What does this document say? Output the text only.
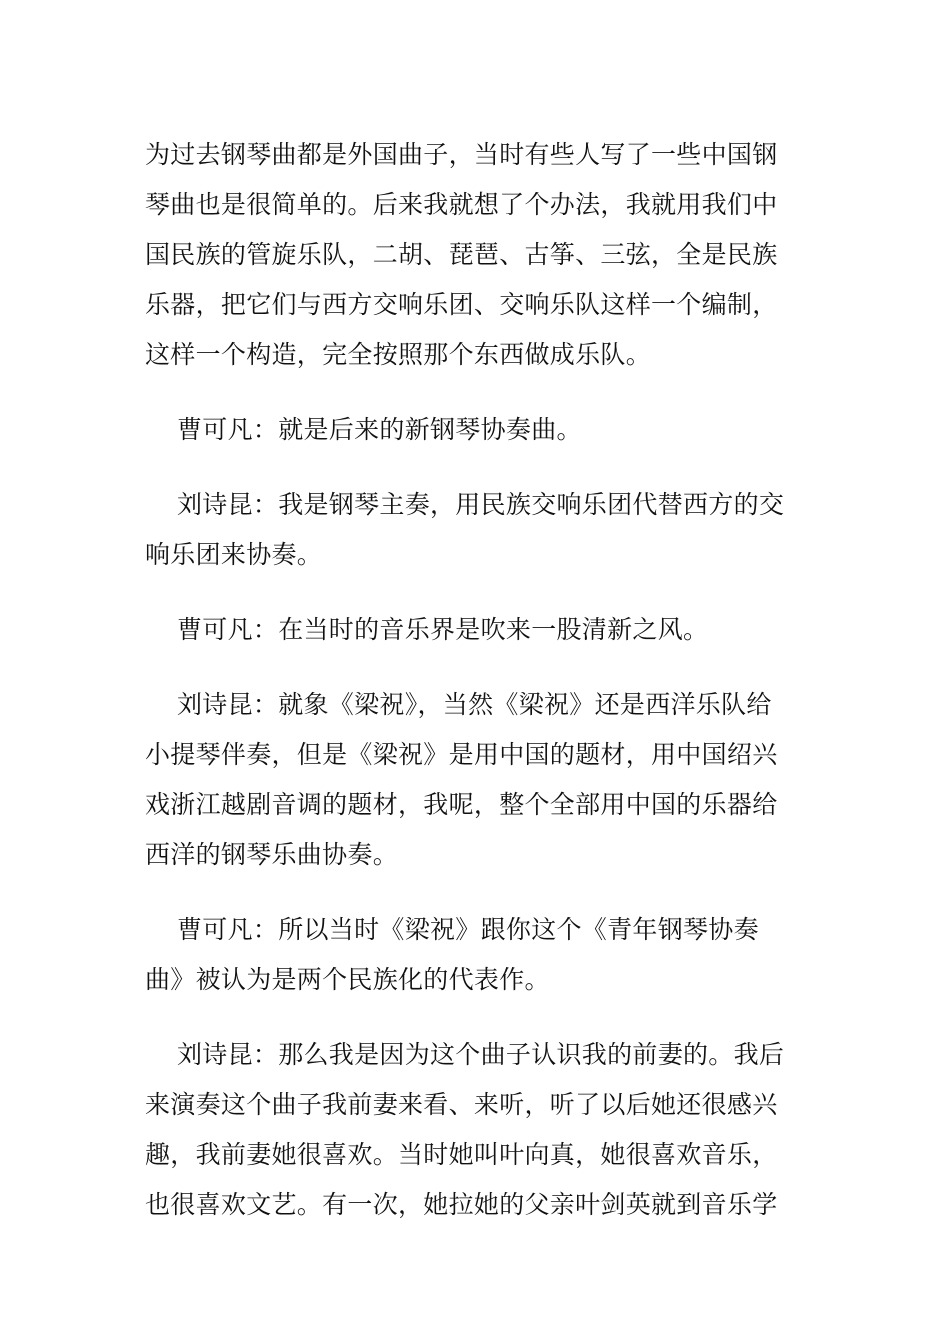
为过去钢琴曲都是外国曲子，当时有些人写了一些中国钢琴曲也是很简单的。后来我就想了个办法，我就用我们中国民族的管旋乐队，二胡、琵琶、古筝、三弦，全是民族乐器，把它们与西方交响乐团、交响乐队这样一个编制，这样一个构造，完全按照那个东西做成乐队。

曹可凡：就是后来的新钢琴协奏曲。

刘诗昆：我是钢琴主奏，用民族交响乐团代替西方的交响乐团来协奏。

曹可凡：在当时的音乐界是吹来一股清新之风。

刘诗昆：就象《梁祝》，当然《梁祝》还是西洋乐队给小提琴伴奏，但是《梁祝》是用中国的题材，用中国绍兴戏浙江越剧音调的题材，我呢，整个全部用中国的乐器给西洋的钢琴乐曲协奏。

曹可凡：所以当时《梁祝》跟你这个《青年钢琴协奏曲》被认为是两个民族化的代表作。

刘诗昆：那么我是因为这个曲子认识我的前妻的。我后来演奏这个曲子我前妻来看、来听，听了以后她还很感兴趣，我前妻她很喜欢。当时她叫叶向真，她很喜欢音乐，也很喜欢文艺。有一次，她拉她的父亲叶剑英就到音乐学
